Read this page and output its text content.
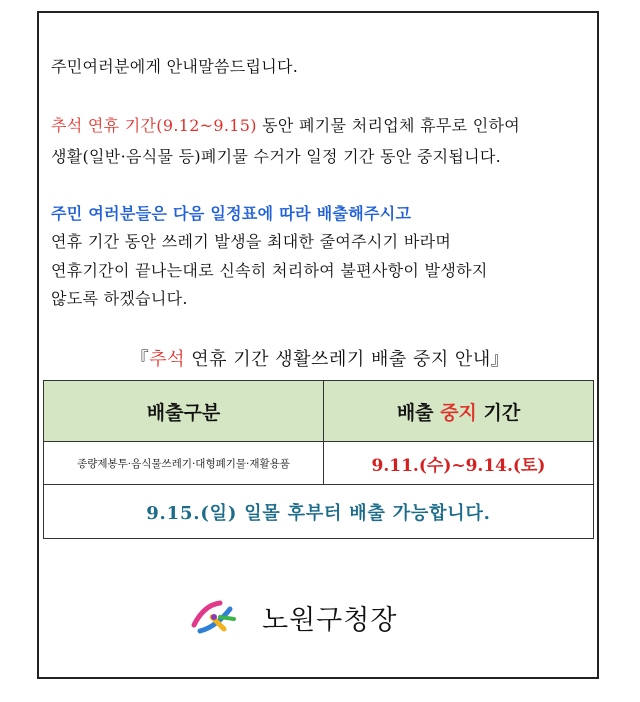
주민여러분에게 안내말씀드립니다.
추석 연휴 기간(9.12~9.15) 동안 폐기물 처리업체 휴무로 인하여
생활(일반·음식물 등)폐기물 수거가 일정 기간 동안 중지됩니다.
주민 여러분들은 다음 일정표에 따라 배출해주시고
연휴 기간 동안 쓰레기 발생을 최대한 줄여주시기 바라며
연휴기간이 끝나는대로 신속히 처리하여 불편사항이 발생하지
않도록 하겠습니다.
『추석 연휴 기간 생활쓰레기 배출 중지 안내』
배출구분	배출 중지 기간
종량제봉투·음식물쓰레기·대형폐기물·재활용품	9.11.(수)~9.14.(토)
9.15.(일) 일몰 후부터 배출 가능합니다.	
노원구청장
